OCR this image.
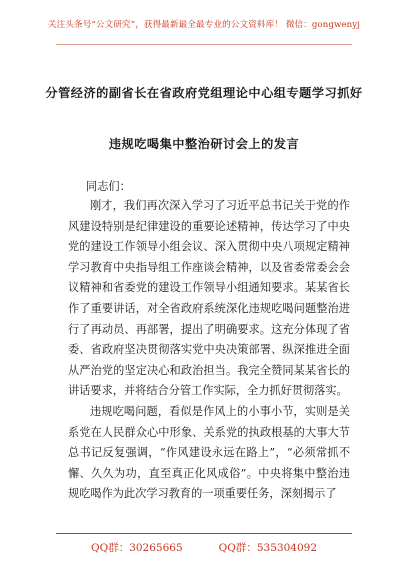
关注头条号“公文研究”，获得最新最全最专业的公文资料库！ 微信：gongwenyj
分管经济的副省长在省政府党组理论中心组专题学习抓好
违规吃喝集中整治研讨会上的发言
同志们：

刚才，我们再次深入学习了习近平总书记关于党的作风建设特别是纪律建设的重要论述精神，传达学习了中央党的建设工作领导小组会议、深入贯彻中央八项规定精神学习教育中央指导组工作座谈会精神，以及省委常委会会议精神和省委党的建设工作领导小组通知要求。某某省长作了重要讲话，对全省政府系统深化违规吃喝问题整治进行了再动员、再部署，提出了明确要求。这充分体现了省委、省政府坚决贯彻落实党中央决策部署、纵深推进全面从严治党的坚定决心和政治担当。我完全赞同某某省长的讲话要求，并将结合分管工作实际，全力抓好贯彻落实。

违规吃喝问题，看似是作风上的小事小节，实则是关系党在人民群众心中形象、关系党的执政根基的大事大节总书记反复强调，“作风建设永远在路上”，“必须常抓不懈、久久为功，直至真正化风成俗”。中央将集中整治违规吃喝作为此次学习教育的一项重要任务，深刻揭示了

QQ群：30265665	QQ群：535304092
